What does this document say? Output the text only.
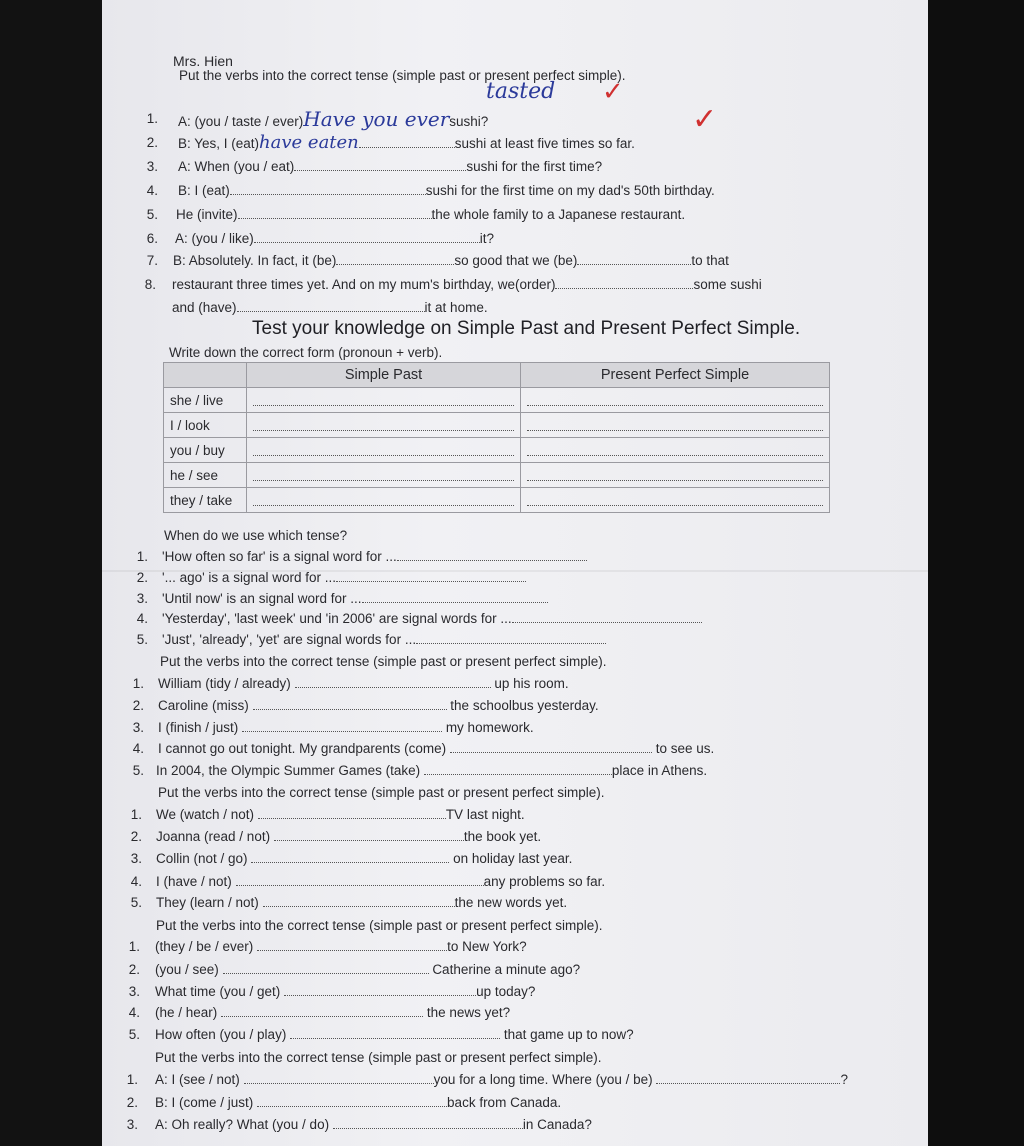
Mrs. Hien
Put the verbs into the correct tense (simple past or present perfect simple).
1. A: (you / taste / ever)Have you eversushi?
tasted ✓
2. B: Yes, I (eat)have eaten	sushi at least five times so far.
✓
3. A: When (you / eat)	sushi for the first time?
4. B: I (eat)	sushi for the first time on my dad's 50th birthday.
5. He (invite)	the whole family to a Japanese restaurant.
6. A: (you / like)	it?
7. B: Absolutely. In fact, it (be)	so good that we (be)	to that
8. restaurant three times yet. And on my mum's birthday, we(order)	some sushi
and (have)	it at home.
Test your knowledge on Simple Past and Present Perfect Simple.
Write down the correct form (pronoun + verb).
	Simple Past	Present Perfect Simple
she / live	

I / look	

you / buy	

he / see	

they / take	

When do we use which tense?
1. 'How often so far' is a signal word for ...
2. '... ago' is a signal word for ...
3. 'Until now' is an signal word for ...
4. 'Yesterday', 'last week' und 'in 2006' are signal words for ...
5. 'Just', 'already', 'yet' are signal words for ...
Put the verbs into the correct tense (simple past or present perfect simple).
1. William (tidy / already)	up his room.
2. Caroline (miss)	the schoolbus yesterday.
3. I (finish / just)	my homework.
4. I cannot go out tonight. My grandparents (come)	to see us.
5. In 2004, the Olympic Summer Games (take)	place in Athens.
Put the verbs into the correct tense (simple past or present perfect simple).
1. We (watch / not)	TV last night.
2. Joanna (read / not)	the book yet.
3. Collin (not / go)	on holiday last year.
4. I (have / not)	any problems so far.
5. They (learn / not)	the new words yet.
Put the verbs into the correct tense (simple past or present perfect simple).
1. (they / be / ever)	to New York?
2. (you / see)	Catherine a minute ago?
3. What time (you / get)	up today?
4. (he / hear)	the news yet?
5. How often (you / play)	that game up to now?
Put the verbs into the correct tense (simple past or present perfect simple).
1. A: I (see / not)	you for a long time. Where (you / be)	?
2. B: I (come / just)	back from Canada.
3. A: Oh really? What (you / do)	in Canada?
